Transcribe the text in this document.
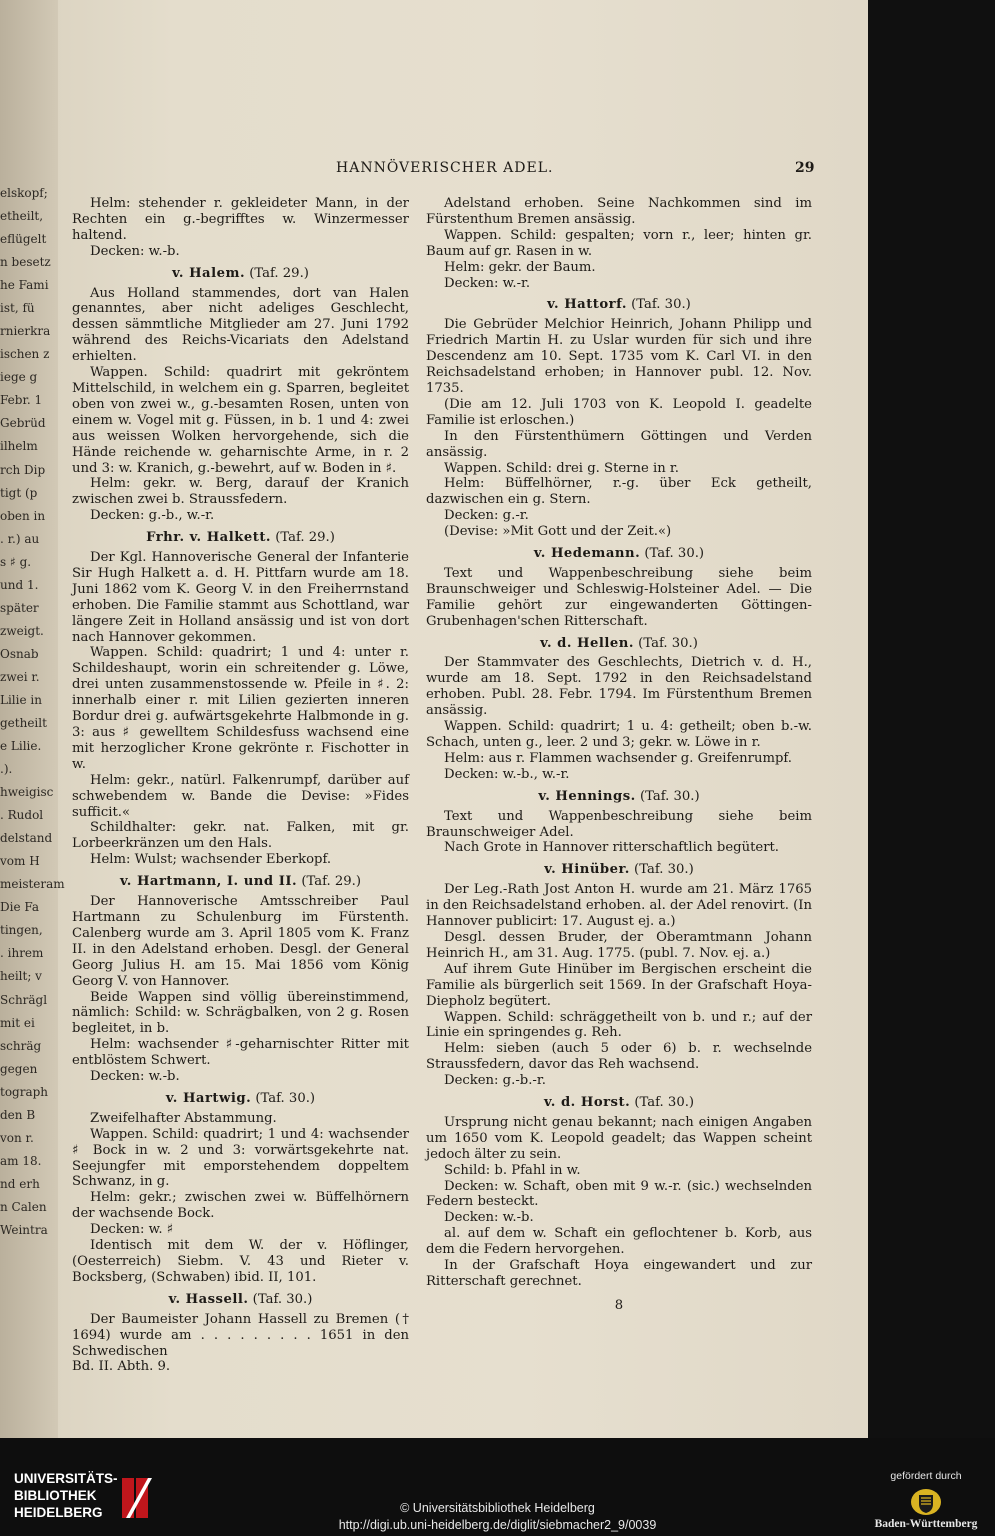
elskopf;
etheilt,
eflügelt
n besetz
he Fami
ist, fü
rnierkra
ischen z
iege g
Febr. 1
Gebrüd
ilhelm
rch Dip
tigt (p
oben in
. r.) au
s ♯ g.
und 1.
später
zweigt.
Osnab
zwei r.
Lilie in
getheilt
e Lilie.
.).
hweigisc
. Rudol
delstand
vom H
meisteram
Die Fa
tingen,
. ihrem
heilt; v
Schrägl
mit ei
schräg
gegen
tograph
den B
von r.
am 18.
nd erh
n Calen
Weintra
HANNÖVERISCHER ADEL.	29

Helm: stehender r. gekleideter Mann, in der Rechten ein g.-begrifftes w. Winzermesser haltend.

Decken: w.-b.

v. Halem. (Taf. 29.)

Aus Holland stammendes, dort van Halen genanntes, aber nicht adeliges Geschlecht, dessen sämmtliche Mitglieder am 27. Juni 1792 während des Reichs-Vicariats den Adelstand erhielten.

Wappen. Schild: quadrirt mit gekröntem Mittelschild, in welchem ein g. Sparren, begleitet oben von zwei w., g.-besamten Rosen, unten von einem w. Vogel mit g. Füssen, in b. 1 und 4: zwei aus weissen Wolken hervorgehende, sich die Hände reichende w. geharnischte Arme, in r. 2 und 3: w. Kranich, g.-bewehrt, auf w. Boden in ♯.

Helm: gekr. w. Berg, darauf der Kranich zwischen zwei b. Straussfedern.

Decken: g.-b., w.-r.

Frhr. v. Halkett. (Taf. 29.)

Der Kgl. Hannoverische General der Infanterie Sir Hugh Halkett a. d. H. Pittfarn wurde am 18. Juni 1862 vom K. Georg V. in den Freiherrnstand erhoben. Die Familie stammt aus Schottland, war längere Zeit in Holland ansässig und ist von dort nach Hannover gekommen.

Wappen. Schild: quadrirt; 1 und 4: unter r. Schildeshaupt, worin ein schreitender g. Löwe, drei unten zusammenstossende w. Pfeile in ♯. 2: innerhalb einer r. mit Lilien gezierten inneren Bordur drei g. aufwärtsgekehrte Halbmonde in g. 3: aus ♯ gewelltem Schildesfuss wachsend eine mit herzoglicher Krone gekrönte r. Fischotter in w.

Helm: gekr., natürl. Falkenrumpf, darüber auf schwebendem w. Bande die Devise: »Fides sufficit.«

Schildhalter: gekr. nat. Falken, mit gr. Lorbeerkränzen um den Hals.

Helm: Wulst; wachsender Eberkopf.

v. Hartmann, I. und II. (Taf. 29.)

Der Hannoverische Amtsschreiber Paul Hartmann zu Schulenburg im Fürstenth. Calenberg wurde am 3. April 1805 vom K. Franz II. in den Adelstand erhoben. Desgl. der General Georg Julius H. am 15. Mai 1856 vom König Georg V. von Hannover.

Beide Wappen sind völlig übereinstimmend, nämlich: Schild: w. Schrägbalken, von 2 g. Rosen begleitet, in b.

Helm: wachsender ♯-geharnischter Ritter mit entblöstem Schwert.

Decken: w.-b.

v. Hartwig. (Taf. 30.)

Zweifelhafter Abstammung.

Wappen. Schild: quadrirt; 1 und 4: wachsender ♯ Bock in w. 2 und 3: vorwärtsgekehrte nat. Seejungfer mit emporstehendem doppeltem Schwanz, in g.

Helm: gekr.; zwischen zwei w. Büffelhörnern der wachsende Bock.

Decken: w. ♯

Identisch mit dem W. der v. Höflinger, (Oesterreich) Siebm. V. 43 und Rieter v. Bocksberg, (Schwaben) ibid. II, 101.

v. Hassell. (Taf. 30.)

Der Baumeister Johann Hassell zu Bremen († 1694) wurde am . . . . . . . . . 1651 in den Schwedischen

Bd. II. Abth. 9.

Adelstand erhoben. Seine Nachkommen sind im Fürstenthum Bremen ansässig.

Wappen. Schild: gespalten; vorn r., leer; hinten gr. Baum auf gr. Rasen in w.

Helm: gekr. der Baum.

Decken: w.-r.

v. Hattorf. (Taf. 30.)

Die Gebrüder Melchior Heinrich, Johann Philipp und Friedrich Martin H. zu Uslar wurden für sich und ihre Descendenz am 10. Sept. 1735 vom K. Carl VI. in den Reichsadelstand erhoben; in Hannover publ. 12. Nov. 1735.

(Die am 12. Juli 1703 von K. Leopold I. geadelte Familie ist erloschen.)

In den Fürstenthümern Göttingen und Verden ansässig.

Wappen. Schild: drei g. Sterne in r.

Helm: Büffelhörner, r.-g. über Eck getheilt, dazwischen ein g. Stern.

Decken: g.-r.

(Devise: »Mit Gott und der Zeit.«)

v. Hedemann. (Taf. 30.)

Text und Wappenbeschreibung siehe beim Braunschweiger und Schleswig-Holsteiner Adel. — Die Familie gehört zur eingewanderten Göttingen-Grubenhagen'schen Ritterschaft.

v. d. Hellen. (Taf. 30.)

Der Stammvater des Geschlechts, Dietrich v. d. H., wurde am 18. Sept. 1792 in den Reichsadelstand erhoben. Publ. 28. Febr. 1794. Im Fürstenthum Bremen ansässig.

Wappen. Schild: quadrirt; 1 u. 4: getheilt; oben b.-w. Schach, unten g., leer. 2 und 3; gekr. w. Löwe in r.

Helm: aus r. Flammen wachsender g. Greifenrumpf.

Decken: w.-b., w.-r.

v. Hennings. (Taf. 30.)

Text und Wappenbeschreibung siehe beim Braunschweiger Adel.

Nach Grote in Hannover ritterschaftlich begütert.

v. Hinüber. (Taf. 30.)

Der Leg.-Rath Jost Anton H. wurde am 21. März 1765 in den Reichsadelstand erhoben. al. der Adel renovirt. (In Hannover publicirt: 17. August ej. a.)

Desgl. dessen Bruder, der Oberamtmann Johann Heinrich H., am 31. Aug. 1775. (publ. 7. Nov. ej. a.)

Auf ihrem Gute Hinüber im Bergischen erscheint die Familie als bürgerlich seit 1569. In der Grafschaft Hoya-Diepholz begütert.

Wappen. Schild: schräggetheilt von b. und r.; auf der Linie ein springendes g. Reh.

Helm: sieben (auch 5 oder 6) b. r. wechselnde Straussfedern, davor das Reh wachsend.

Decken: g.-b.-r.

v. d. Horst. (Taf. 30.)

Ursprung nicht genau bekannt; nach einigen Angaben um 1650 vom K. Leopold geadelt; das Wappen scheint jedoch älter zu sein.

Schild: b. Pfahl in w.

Decken: w. Schaft, oben mit 9 w.-r. (sic.) wechselnden Federn besteckt.

Decken: w.-b.

al. auf dem w. Schaft ein geflochtener b. Korb, aus dem die Federn hervorgehen.

In der Grafschaft Hoya eingewandert und zur Ritterschaft gerechnet.

8

UNIVERSITÄTS-
BIBLIOTHEK
HEIDELBERG	© Universitätsbibliothek Heidelberg
http://digi.ub.uni-heidelberg.de/diglit/siebmacher2_9/0039
gefördert durch
Baden-Württemberg
